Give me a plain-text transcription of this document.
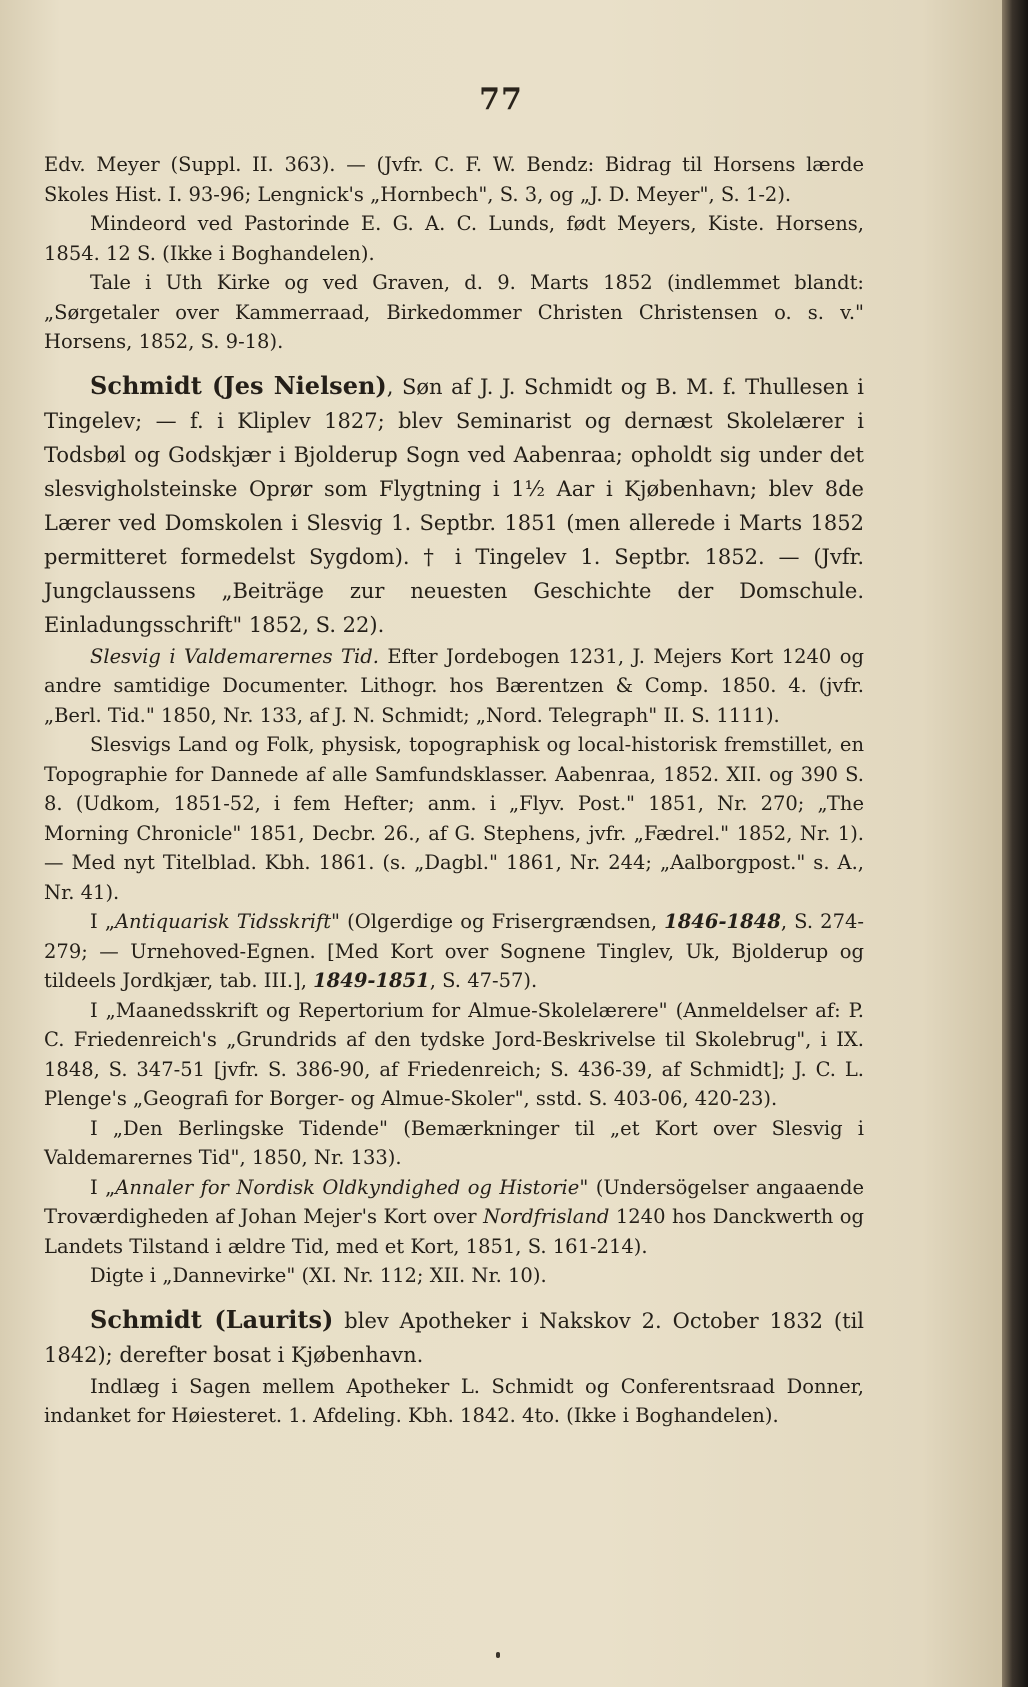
77

Edv. Meyer (Suppl. II. 363). — (Jvfr. C. F. W. Bendz: Bidrag til Horsens lærde Skoles Hist. I. 93-96; Lengnick's „Hornbech", S. 3, og „J. D. Meyer", S. 1-2).

Mindeord ved Pastorinde E. G. A. C. Lunds, født Meyers, Kiste. Horsens, 1854. 12 S. (Ikke i Boghandelen).

Tale i Uth Kirke og ved Graven, d. 9. Marts 1852 (indlemmet blandt: „Sørgetaler over Kammerraad, Birkedommer Christen Christensen o. s. v." Horsens, 1852, S. 9-18).

Schmidt (Jes Nielsen), Søn af J. J. Schmidt og B. M. f. Thullesen i Tingelev; — f. i Kliplev 1827; blev Seminarist og dernæst Skolelærer i Todsbøl og Godskjær i Bjolderup Sogn ved Aabenraa; opholdt sig under det slesvigholsteinske Oprør som Flygtning i 1½ Aar i Kjøbenhavn; blev 8de Lærer ved Domskolen i Slesvig 1. Septbr. 1851 (men allerede i Marts 1852 permitteret formedelst Sygdom). † i Tingelev 1. Septbr. 1852. — (Jvfr. Jungclaussens „Beiträge zur neuesten Geschichte der Domschule. Einladungsschrift" 1852, S. 22).

Slesvig i Valdemarernes Tid. Efter Jordebogen 1231, J. Mejers Kort 1240 og andre samtidige Documenter. Lithogr. hos Bærentzen & Comp. 1850. 4. (jvfr. „Berl. Tid." 1850, Nr. 133, af J. N. Schmidt; „Nord. Telegraph" II. S. 1111).

Slesvigs Land og Folk, physisk, topographisk og local-historisk fremstillet, en Topographie for Dannede af alle Samfundsklasser. Aabenraa, 1852. XII. og 390 S. 8. (Udkom, 1851-52, i fem Hefter; anm. i „Flyv. Post." 1851, Nr. 270; „The Morning Chronicle" 1851, Decbr. 26., af G. Stephens, jvfr. „Fædrel." 1852, Nr. 1). — Med nyt Titelblad. Kbh. 1861. (s. „Dagbl." 1861, Nr. 244; „Aalborgpost." s. A., Nr. 41).

I „Antiquarisk Tidsskrift" (Olgerdige og Frisergrændsen, 1846-1848, S. 274-279; — Urnehoved-Egnen. [Med Kort over Sognene Tinglev, Uk, Bjolderup og tildeels Jordkjær, tab. III.], 1849-1851, S. 47-57).

I „Maanedsskrift og Repertorium for Almue-Skolelærere" (Anmeldelser af: P. C. Friedenreich's „Grundrids af den tydske Jord-Beskrivelse til Skolebrug", i IX. 1848, S. 347-51 [jvfr. S. 386-90, af Friedenreich; S. 436-39, af Schmidt]; J. C. L. Plenge's „Geografi for Borger- og Almue-Skoler", sstd. S. 403-06, 420-23).

I „Den Berlingske Tidende" (Bemærkninger til „et Kort over Slesvig i Valdemarernes Tid", 1850, Nr. 133).

I „Annaler for Nordisk Oldkyndighed og Historie" (Undersögelser angaaende Troværdigheden af Johan Mejer's Kort over Nordfrisland 1240 hos Danckwerth og Landets Tilstand i ældre Tid, med et Kort, 1851, S. 161-214).

Digte i „Dannevirke" (XI. Nr. 112; XII. Nr. 10).

Schmidt (Laurits) blev Apotheker i Nakskov 2. October 1832 (til 1842); derefter bosat i Kjøbenhavn.

Indlæg i Sagen mellem Apotheker L. Schmidt og Conferentsraad Donner, indanket for Høiesteret. 1. Afdeling. Kbh. 1842. 4to. (Ikke i Boghandelen).
